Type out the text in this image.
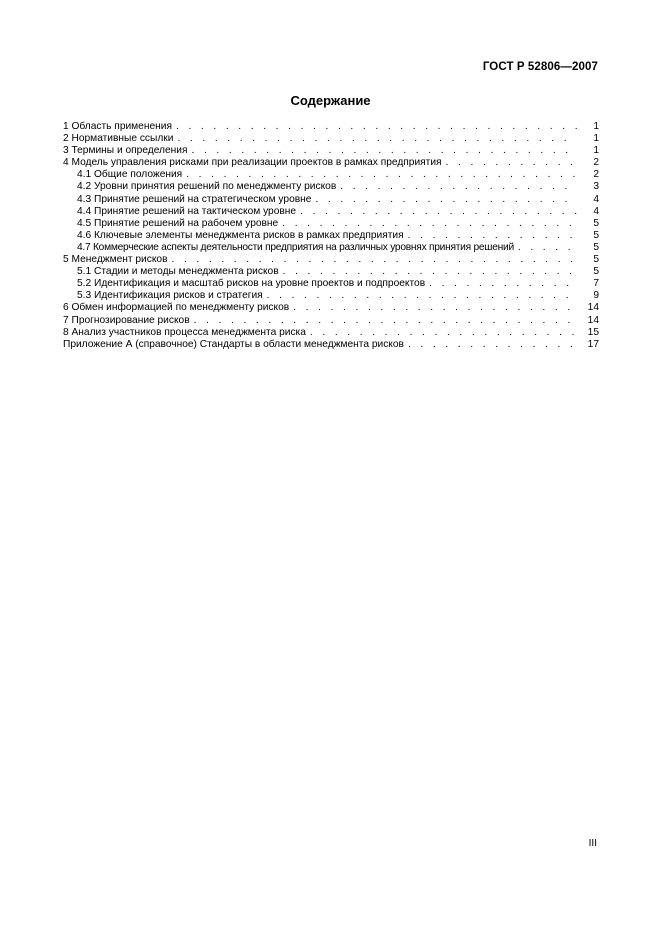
ГОСТ Р 52806—2007
Содержание
1 Область применения . . .	1
2 Нормативные ссылки . . .	1
3 Термины и определения . . .	1
4 Модель управления рисками при реализации проектов в рамках предприятия . . .	2
4.1 Общие положения . . .	2
4.2 Уровни принятия решений по менеджменту рисков . . .	3
4.3 Принятие решений на стратегическом уровне . . .	4
4.4 Принятие решений на тактическом уровне . . .	4
4.5 Принятие решений на рабочем уровне . . .	5
4.6 Ключевые элементы менеджмента рисков в рамках предприятия . . .	5
4.7 Коммерческие аспекты деятельности предприятия на различных уровнях принятия решений . . .	5
5 Менеджмент рисков . . .	5
5.1 Стадии и методы менеджмента рисков . . .	5
5.2 Идентификация и масштаб рисков на уровне проектов и подпроектов . . .	7
5.3 Идентификация рисков и стратегия . . .	9
6 Обмен информацией по менеджменту рисков . . .	14
7 Прогнозирование рисков . . .	14
8 Анализ участников процесса менеджмента риска . . .	15
Приложение А (справочное) Стандарты в области менеджмента рисков . . .	17
III
